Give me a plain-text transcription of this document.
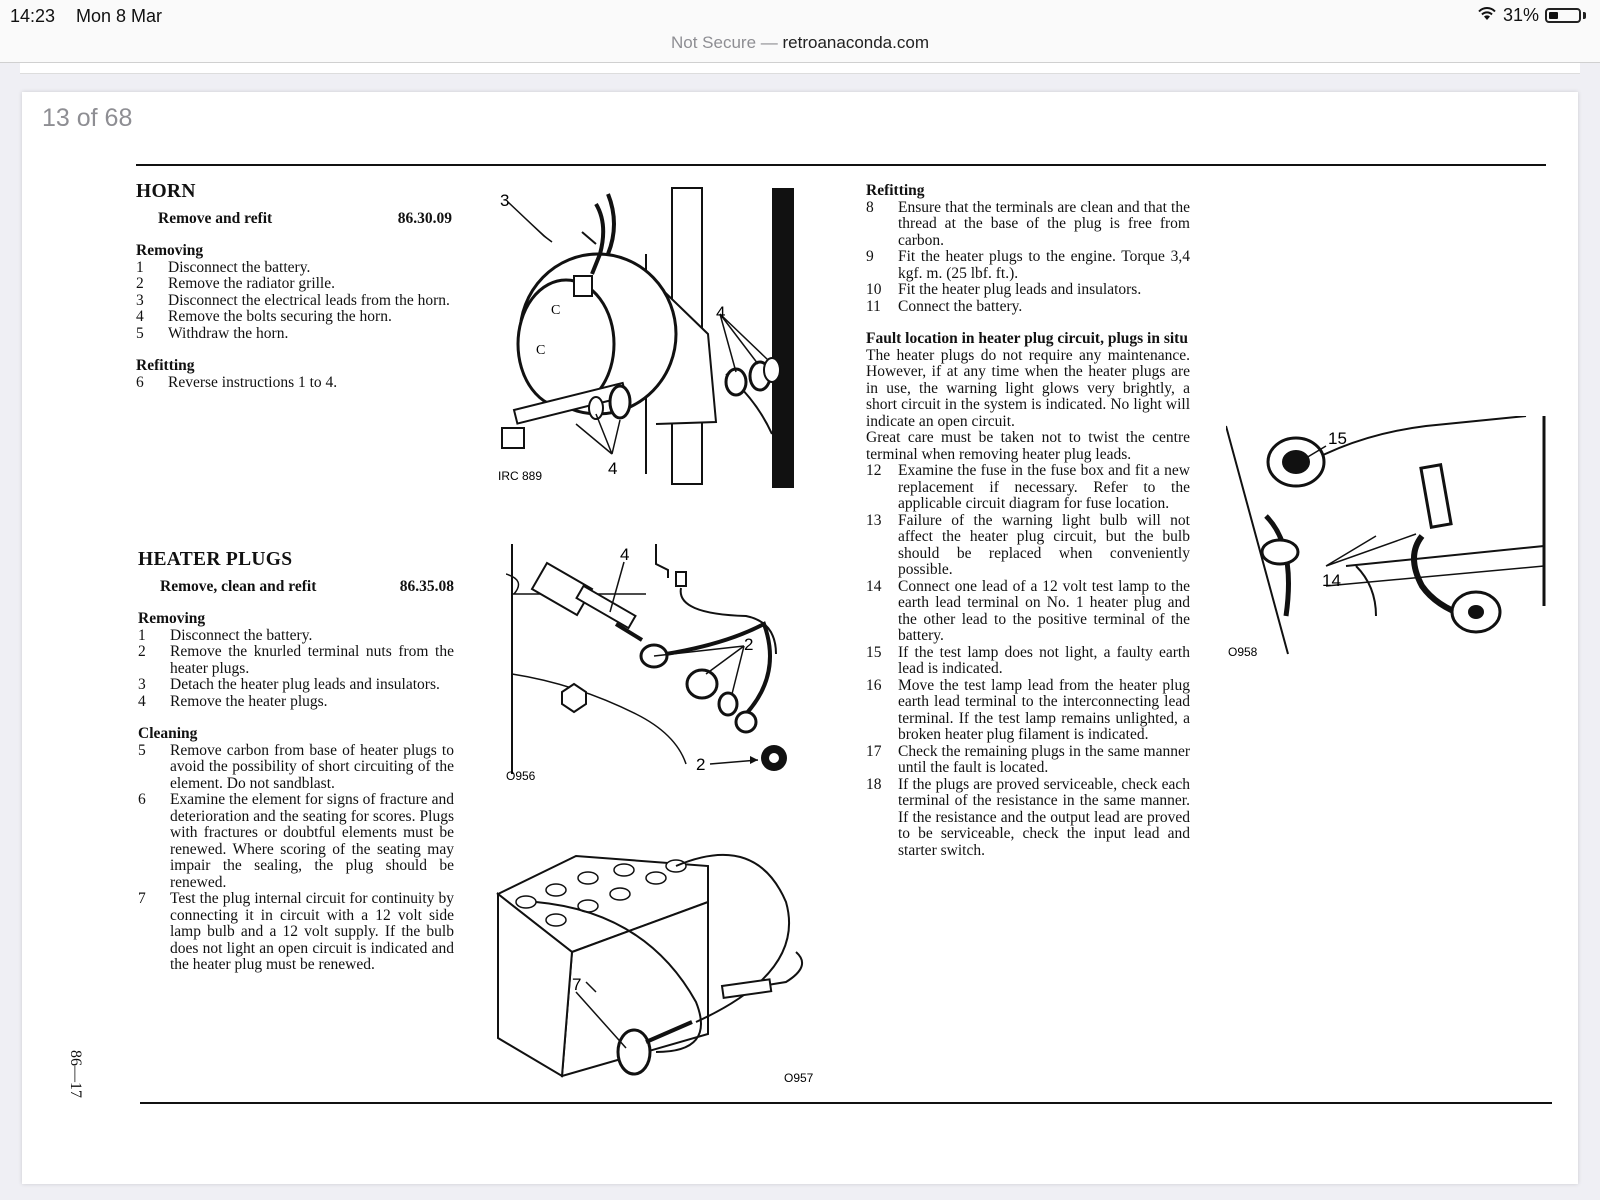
14:23 Mon 8 Mar	31%
Not Secure — retroanaconda.com
13 of 68
HORN
Remove and refit	86.30.09
Removing
1	Disconnect the battery.
2	Remove the radiator grille.
3	Disconnect the electrical leads from the horn.
4	Remove the bolts securing the horn.
5	Withdraw the horn.
Refitting
6	Reverse instructions 1 to 4.
HEATER PLUGS
Remove, clean and refit	86.35.08
Removing
1	Disconnect the battery.
2	Remove the knurled terminal nuts from the heater plugs.
3	Detach the heater plug leads and insulators.
4	Remove the heater plugs.
Cleaning
5	Remove carbon from base of heater plugs to avoid the possibility of short circuiting of the element. Do not sandblast.
6	Examine the element for signs of fracture and deterioration and the seating for scores. Plugs with fractures or doubtful elements must be renewed. Where scoring of the seating may impair the sealing, the plug should be renewed.
7	Test the plug internal circuit for continuity by connecting it in circuit with a 12 volt side lamp bulb and a 12 volt supply. If the bulb does not light an open circuit is indicated and the heater plug must be renewed.
Refitting
8	Ensure that the terminals are clean and that the thread at the base of the plug is free from carbon.
9	Fit the heater plugs to the engine. Torque 3,4 kgf. m. (25 lbf. ft.).
10	Fit the heater plug leads and insulators.
11	Connect the battery.
Fault location in heater plug circuit, plugs in situ

The heater plugs do not require any maintenance. However, if at any time when the heater plugs are in use, the warning light glows very brightly, a short circuit in the system is indicated. No light will indicate an open circuit.

Great care must be taken not to twist the centre terminal when removing heater plug leads.

12	Examine the fuse in the fuse box and fit a new replacement if necessary. Refer to the applicable circuit diagram for fuse location.
13	Failure of the warning light bulb will not affect the heater plug circuit, but the bulb should be replaced when conveniently possible.
14	Connect one lead of a 12 volt test lamp to the earth lead terminal on No. 1 heater plug and the other lead to the positive terminal of the battery.
15	If the test lamp does not light, a faulty earth lead is indicated.
16	Move the test lamp lead from the heater plug earth lead terminal to the interconnecting lead terminal. If the test lamp remains unlighted, a broken heater plug filament is indicated.
17	Check the remaining plugs in the same manner until the fault is located.
18	If the plugs are proved serviceable, check each terminal of the resistance in the same manner. If the resistance and the output lead are proved to be serviceable, check the input lead and starter switch.
C
C
3
4
4
IRC 889
4
2
2
O956
7
O957
15
14
O958
86—17
